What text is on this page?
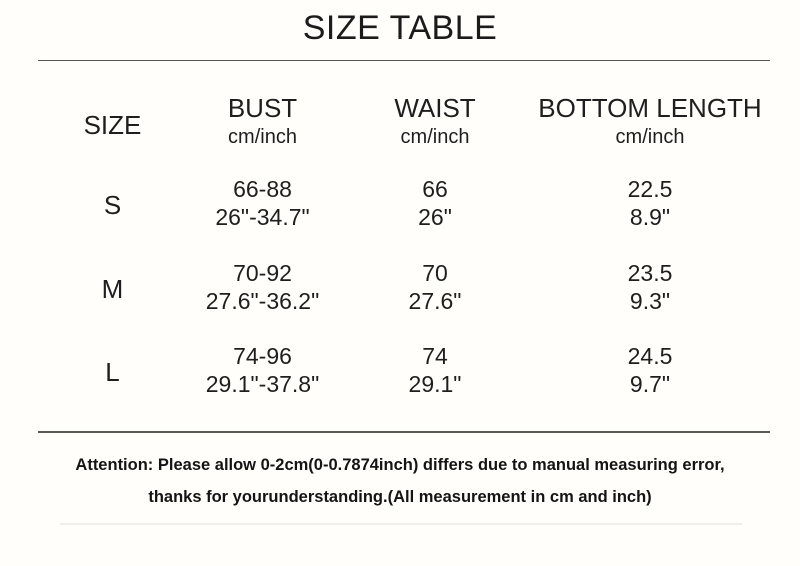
SIZE TABLE
SIZE
BUST
cm/inch
WAIST
cm/inch
BOTTOM LENGTH
cm/inch
S
66-88
26"-34.7"
66
26"
22.5
8.9"
M
70-92
27.6"-36.2"
70
27.6"
23.5
9.3"
L
74-96
29.1"-37.8"
74
29.1"
24.5
9.7"
Attention: Please allow 0-2cm(0-0.7874inch) differs due to manual measuring error,
thanks for yourunderstanding.(All measurement in cm and inch)
